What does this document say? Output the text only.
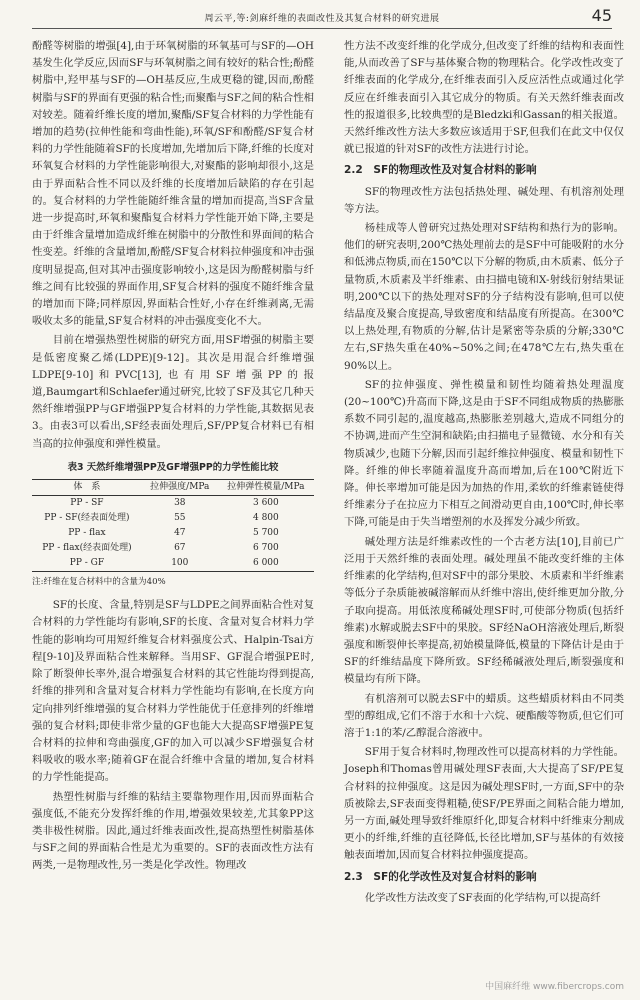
周云平,等:剑麻纤维的表面改性及其复合材料的研究进展	45

酚醛等树脂的增强[4],由于环氧树脂的环氧基可与SF的—OH基发生化学反应,因而SF与环氧树脂之间有较好的粘合性;酚醛树脂中,羟甲基与SF的—OH基反应,生成更稳的键,因而,酚醛树脂与SF的界面有更强的粘合性;而聚酯与SF之间的粘合性相对较差。随着纤维长度的增加,聚酯/SF复合材料的力学性能有增加的趋势(拉伸性能和弯曲性能),环氧/SF和酚醛/SF复合材料的力学性能随着SF的长度增加,先增加后下降,纤维的长度对环氧复合材料的力学性能影响很大,对聚酯的影响却很小,这是由于界面粘合性不同以及纤维的长度增加后缺陷的存在引起的。复合材料的力学性能随纤维含量的增加而提高,当SF含量进一步提高时,环氧和聚酯复合材料力学性能开始下降,主要是由于纤维含量增加造成纤维在树脂中的分散性和界面间的粘合性变差。纤维的含量增加,酚醛/SF复合材料拉伸强度和冲击强度明显提高,但对其冲击强度影响较小,这是因为酚醛树脂与纤维之间有比较强的界面作用,SF复合材料的强度不随纤维含量的增加而下降;同样原因,界面粘合性好,小存在纤维剥离,无需吸收太多的能量,SF复合材料的冲击强度变化不大。

目前在增强热塑性树脂的研究方面,用SF增强的树脂主要是低密度聚乙烯(LDPE)[9-12]。其次是用混合纤维增强LDPE[9-10]和PVC[13],也有用SF增强PP的报道,Baumgart和Schlaefer通过研究,比较了SF及其它几种天然纤维增强PP与GF增强PP复合材料的力学性能,其数据见表3。由表3可以看出,SF经表面处理后,SF/PP复合材料已有相当高的拉伸强度和弹性模量。

表3 天然纤维增强PP及GF增强PP的力学性能比较
体　系	拉伸强度/MPa	拉伸弹性模量/MPa
PP - SF	38	3 600
PP - SF(经表面处理)	55	4 800
PP - flax	47	5 700
PP - flax(经表面处理)	67	6 700
PP - GF	100	6 000
注:纤维在复合材料中的含量为40%

SF的长度、含量,特别是SF与LDPE之间界面粘合性对复合材料的力学性能均有影响,SF的长度、含量对复合材料力学性能的影响均可用短纤维复合材料强度公式、Halpin-Tsai方程[9-10]及界面粘合性来解释。当用SF、GF混合增强PE时,除了断裂伸长率外,混合增强复合材料的其它性能均得到提高,纤维的排列和含量对复合材料力学性能均有影响,在长度方向定向排列纤维增强的复合材料力学性能优于任意排列的纤维增强的复合材料;即使非常少量的GF也能大大提高SF增强PE复合材料的拉伸和弯曲强度,GF的加入可以减少SF增强复合材料吸收的吸水率;随着GF在混合纤维中含量的增加,复合材料的力学性能提高。

热塑性树脂与纤维的粘结主要靠物理作用,因而界面粘合强度低,不能充分发挥纤维的作用,增强效果较差,尤其象PP这类非极性树脂。因此,通过纤维表面改性,提高热塑性树脂基体与SF之间的界面粘合性是尤为重要的。SF的表面改性方法有两类,一是物理改性,另一类是化学改性。物理改

性方法不改变纤维的化学成分,但改变了纤维的结构和表面性能,从而改善了SF与基体聚合物的物理粘合。化学改性改变了纤维表面的化学成分,在纤维表面引入反应活性点或通过化学反应在纤维表面引入其它成分的物质。有关天然纤维表面改性的报道很多,比较典型的是Bledzki和Gassan的相关报道。天然纤维改性方法大多数应该适用于SF,但我们在此文中仅仅就已报道的针对SF的改性方法进行讨论。

2.2　SF的物理改性及对复合材料的影响

SF的物理改性方法包括热处理、碱处理、有机溶剂处理等方法。

杨桂成等人曾研究过热处理对SF结构和热行为的影响。他们的研究表明,200℃热处理前去的是SF中可能吸附的水分和低沸点物质,而在150℃以下分解的物质,由木质素、低分子量物质,木质素及半纤维素、由扫描电镜和X-射线衍射结果证明,200℃以下的热处理对SF的分子结构没有影响,但可以使结晶度及聚合度提高,导致密度和结晶度有所提高。在300℃以上热处理,有物质的分解,估计是紧密等杂质的分解;330℃左右,SF热失重在40%~50%之间;在478℃左右,热失重在90%以上。

SF的拉伸强度、弹性模量和韧性均随着热处理温度(20~100℃)升高而下降,这是由于SF不同组成物质的热膨胀系数不同引起的,温度越高,热膨胀差别越大,造成不同组分的不协调,进而产生空洞和缺陷;由扫描电子显微镜、水分和有关物质减少,也随下分解,因而引起纤维拉伸强度、模量和韧性下降。纤维的伸长率随着温度升高而增加,后在100℃附近下降。伸长率增加可能是因为加热的作用,柔软的纤维素链使得纤维素分子在拉应力下相互之间滑动更自由,100℃时,伸长率下降,可能是由于失当增塑剂的水及挥发分减少所致。

碱处理方法是纤维素改性的一个古老方法[10],目前已广泛用于天然纤维的表面处理。碱处理虽不能改变纤维的主体纤维素的化学结构,但对SF中的部分果胶、木质素和半纤维素等低分子杂质能被碱溶解而从纤维中溶出,使纤维更加分散,分子取向提高。用低浓度稀碱处理SF时,可使部分物质(包括纤维素)水解或脱去SF中的果胶。SF经NaOH溶液处理后,断裂强度和断裂伸长率提高,初始模量降低,模量的下降估计是由于SF的纤维结晶度下降所致。SF经稀碱液处理后,断裂强度和模量均有所下降。

有机溶剂可以脱去SF中的蜡质。这些蜡质材料由不同类型的醇组成,它们不溶于水和十六烷、硬酯酸等物质,但它们可溶于1:1的苯/乙醇混合溶液中。

SF用于复合材料时,物理改性可以提高材料的力学性能。Joseph和Thomas曾用碱处理SF表面,大大提高了SF/PE复合材料的拉伸强度。这是因为碱处理SF时,一方面,SF中的杂质被除去,SF表面变得粗糙,使SF/PE界面之间粘合能力增加,另一方面,碱处理导致纤维原纤化,即复合材料中纤维束分割成更小的纤维,纤维的直径降低,长径比增加,SF与基体的有效接触表面增加,因而复合材料拉伸强度提高。

2.3　SF的化学改性及对复合材料的影响

化学改性方法改变了SF表面的化学结构,可以提高纤

中国麻纤维 www.fibercrops.com
